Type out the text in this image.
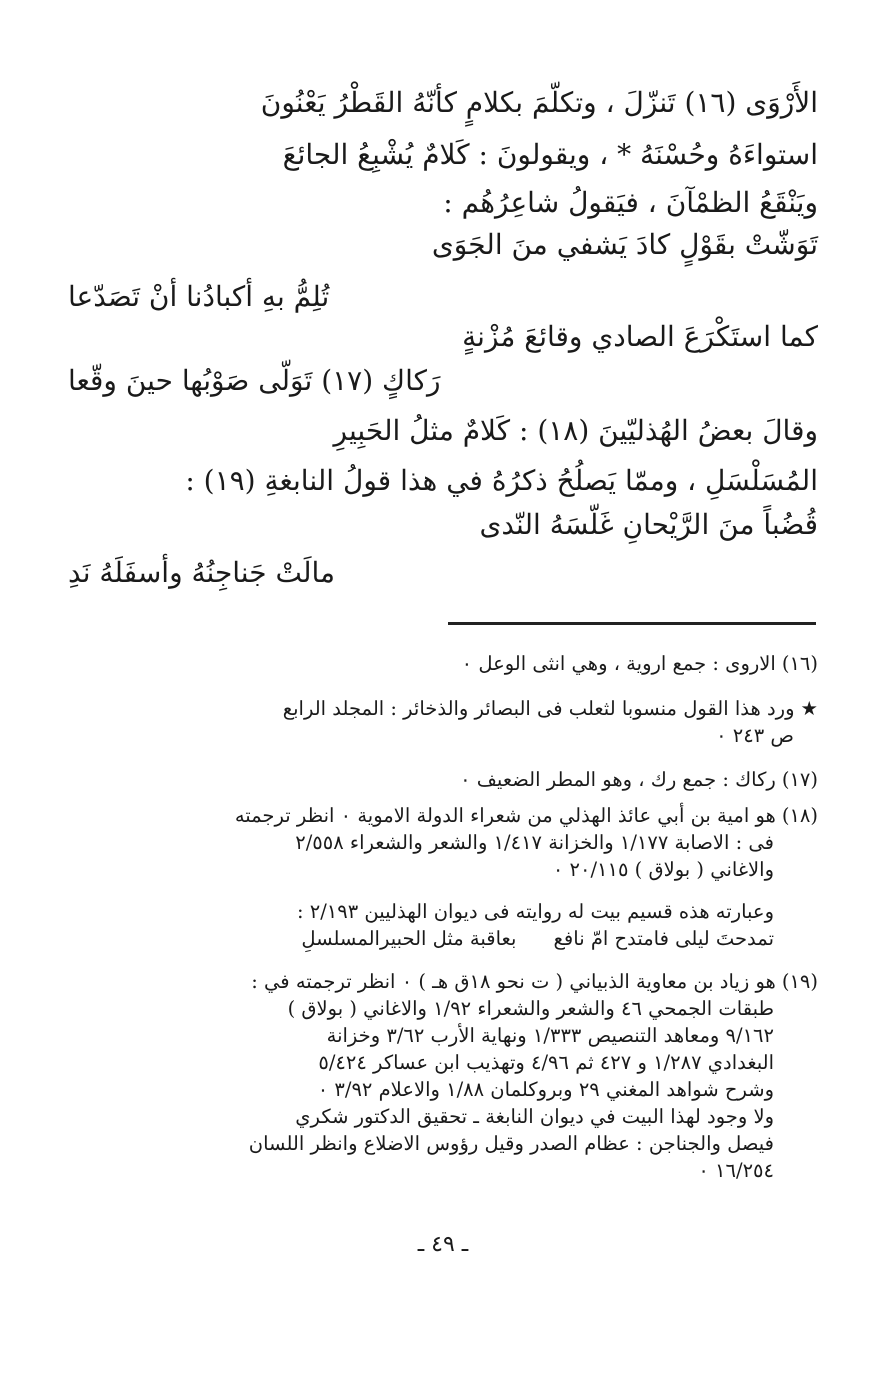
الأَرْوَى (١٦) تَنزّلَ ، وتكلّمَ بكلامٍ كأنّهُ القَطْرُ يَعْنُونَ
استواءَهُ وحُسْنَهُ * ، ويقولونَ : كَلامٌ يُشْبِعُ الجائعَ
ويَنْقَعُ الظمْآنَ ، فيَقولُ شاعِرُهُم :
تَوَشّتْ بقَوْلٍ كادَ يَشفي منَ الجَوَى
تُلِمُّ بهِ أكبادُنا أنْ تَصَدّعا
كما استَكْرَعَ الصادي وقائعَ مُزْنةٍ
رَكاكٍ (١٧) تَوَلّى صَوْبُها حينَ وقّعا
وقالَ بعضُ الهُذليّينَ (١٨) : كَلامٌ مثلُ الحَبِيرِ
المُسَلْسَلِ ، وممّا يَصلُحُ ذكرُهُ في هذا قولُ النابغةِ (١٩) :
قُضُباً منَ الرَّيْحانِ غَلّسَهُ النّدى
مالَتْ جَناجِنُهُ وأسفَلَهُ نَدِ

(١٦)الاروى : جمع اروية ، وهي انثى الوعل ٠

★ورد هذا القول منسوبا لثعلب فى البصائر والذخائر : المجلد الرابع

ص ٢٤٣ ٠

(١٧)ركاك : جمع رك ، وهو المطر الضعيف ٠

(١٨)هو امية بن أبي عائذ الهذلي من شعراء الدولة الاموية ٠ انظر ترجمته

فى : الاصابة ١/١٧٧ والخزانة ١/٤١٧ والشعر والشعراء ٢/٥٥٨

والاغاني ( بولاق ) ٢٠/١١٥ ٠

وعبارته هذه قسيم بيت له روايته فى ديوان الهذليين ٢/١٩٣ :

تمدحتَ ليلى فامتدح امّ نافع      بعاقبة مثل الحبيرالمسلسلِ

(١٩)هو زياد بن معاوية الذبياني ( ت نحو ١٨ق هـ ) ٠ انظر ترجمته في :

طبقات الجمحي ٤٦ والشعر والشعراء ١/٩٢ والاغاني ( بولاق )

٩/١٦٢ ومعاهد التنصيص ١/٣٣٣ ونهاية الأرب ٣/٦٢ وخزانة

البغدادي ١/٢٨٧ و ٤٢٧ ثم ٤/٩٦ وتهذيب ابن عساكر ٥/٤٢٤

وشرح شواهد المغني ٢٩ وبروكلمان ١/٨٨ والاعلام ٣/٩٢ ٠

ولا وجود لهذا البيت في ديوان النابغة ـ تحقيق الدكتور شكري

فيصل والجناجن : عظام الصدر وقيل رؤوس الاضلاع وانظر اللسان

١٦/٢٥٤ ٠

ـ ٤٩ ـ
